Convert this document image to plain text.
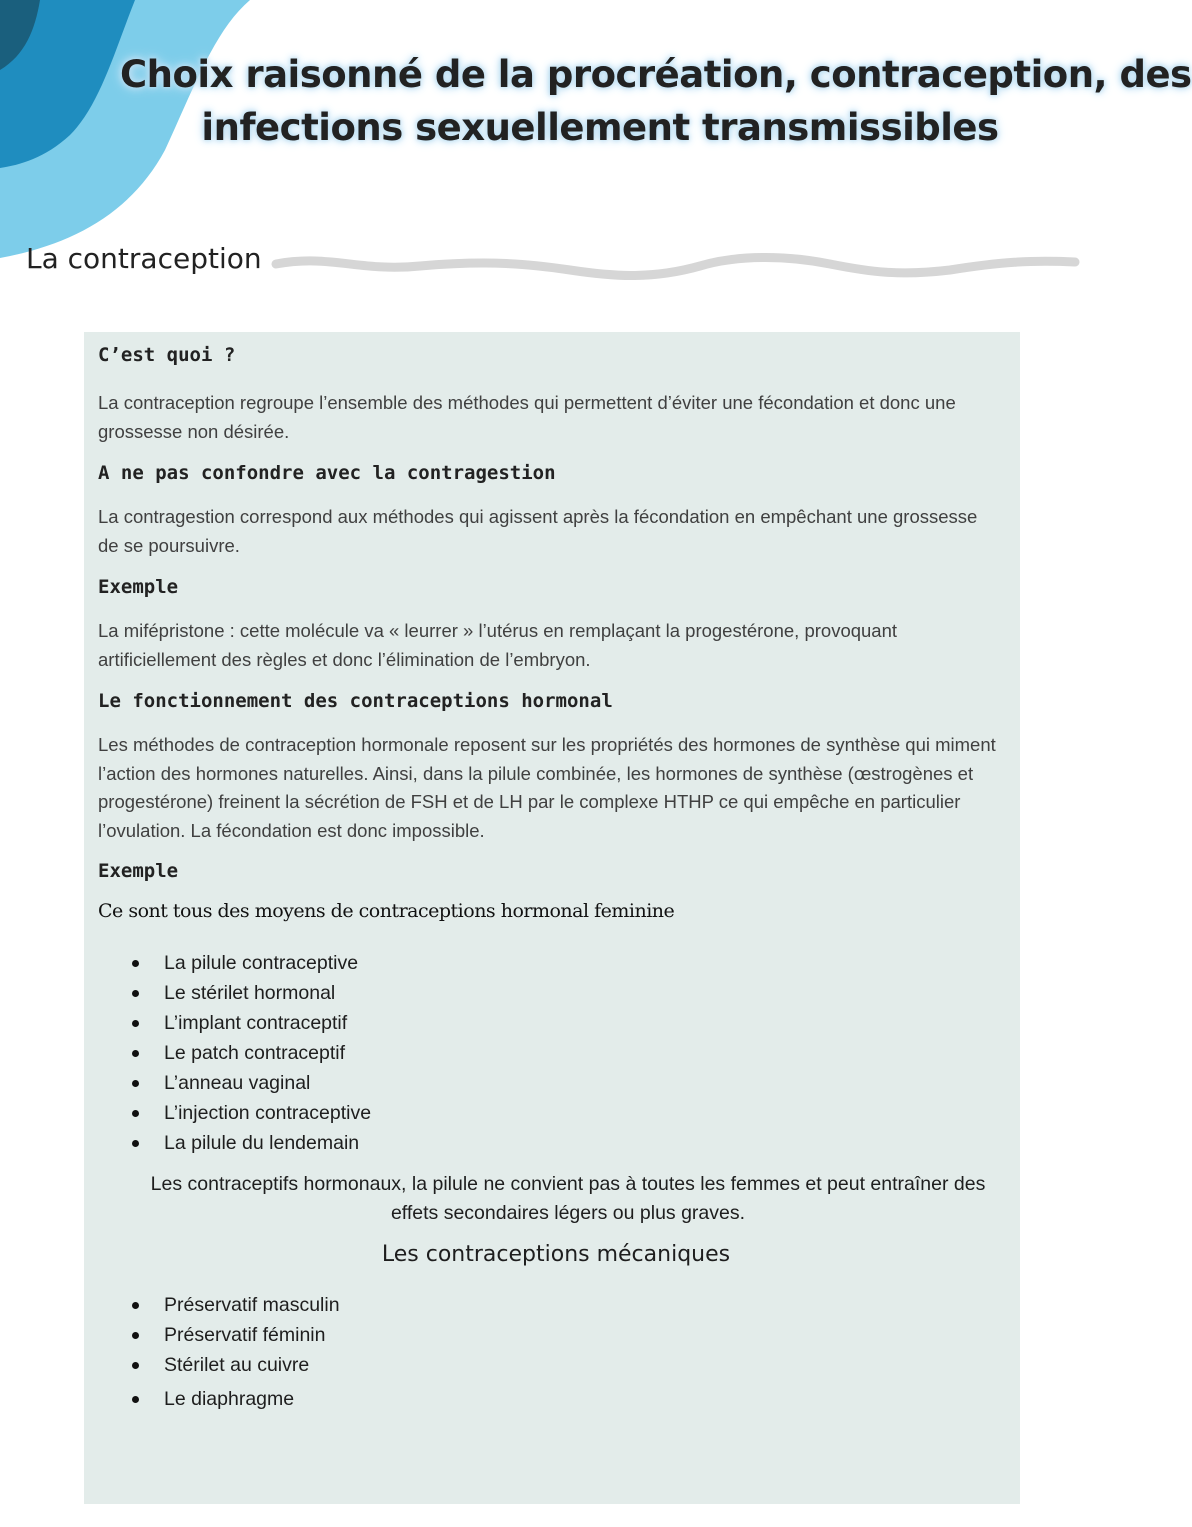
Choix raisonné de la procréation, contraception, des
infections sexuellement transmissibles
La contraception
C’est quoi ?
La contraception regroupe l’ensemble des méthodes qui permettent d’éviter une fécondation et donc une grossesse non désirée.
A ne pas confondre avec la contragestion
La contragestion correspond aux méthodes qui agissent après la fécondation en empêchant une grossesse de se poursuivre.
Exemple
La mifépristone : cette molécule va « leurrer » l’utérus en remplaçant la progestérone, provoquant artificiellement des règles et donc l’élimination de l’embryon.
Le fonctionnement des contraceptions hormonal
Les méthodes de contraception hormonale reposent sur les propriétés des hormones de synthèse qui miment l’action des hormones naturelles. Ainsi, dans la pilule combinée, les hormones de synthèse (œstrogènes et progestérone) freinent la sécrétion de FSH et de LH par le complexe HTHP ce qui empêche en particulier l’ovulation. La fécondation est donc impossible.
Exemple
Ce sont tous des moyens de contraceptions hormonal feminine
La pilule contraceptive
Le stérilet hormonal
L’implant contraceptif
Le patch contraceptif
L’anneau vaginal
L’injection contraceptive
La pilule du lendemain
Les contraceptifs hormonaux, la pilule ne convient pas à toutes les femmes et peut entraîner des effets secondaires légers ou plus graves.
Les contraceptions mécaniques
Préservatif masculin
Préservatif féminin
Stérilet au cuivre
Le diaphragme
